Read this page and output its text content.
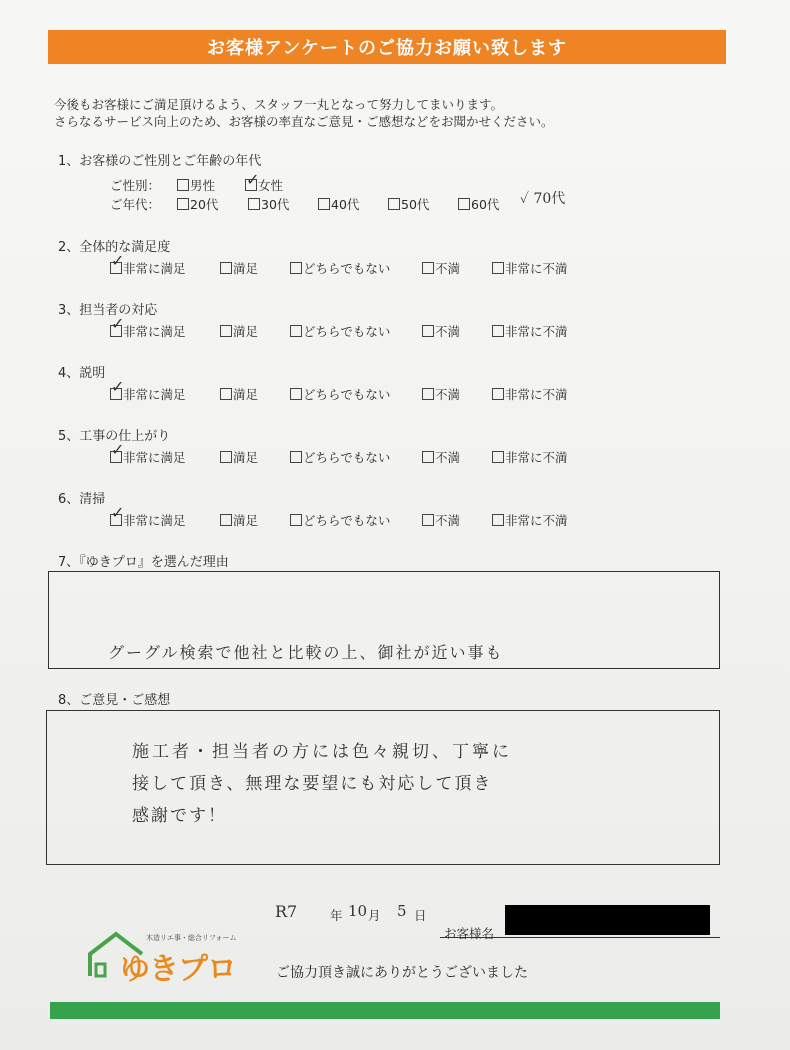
お客様アンケートのご協力お願い致します
今後もお客様にご満足頂けるよう、スタッフ一丸となって努力してまいります。
さらなるサービス向上のため、お客様の率直なご意見・ご感想などをお聞かせください。
1、お客様のご性別とご年齢の年代
ご性別：	男性	女性
✓
ご年代：	20代	30代	40代	50代	60代 ✓ 70代
2、全体的な満足度
非常に満足
✓	満足	どちらでもない	不満	非常に不満
3、担当者の対応
非常に満足
✓	満足	どちらでもない	不満	非常に不満
4、説明
非常に満足
✓	満足	どちらでもない	不満	非常に不満
5、工事の仕上がり
非常に満足
✓	満足	どちらでもない	不満	非常に不満
6、清掃
非常に満足
✓	満足	どちらでもない	不満	非常に不満
7、『ゆきプロ』を選んだ理由
グーグル検索で他社と比較の上、御社が近い事も
8、ご意見・ご感想
施工者・担当者の方には色々親切、丁寧に
接して頂き、無理な要望にも対応して頂き
感謝です！
R7	年 10 月 5 日
お客様名
木造リエ事・総合リフォーム
ゆきプロ	ご協力頂き誠にありがとうございました
